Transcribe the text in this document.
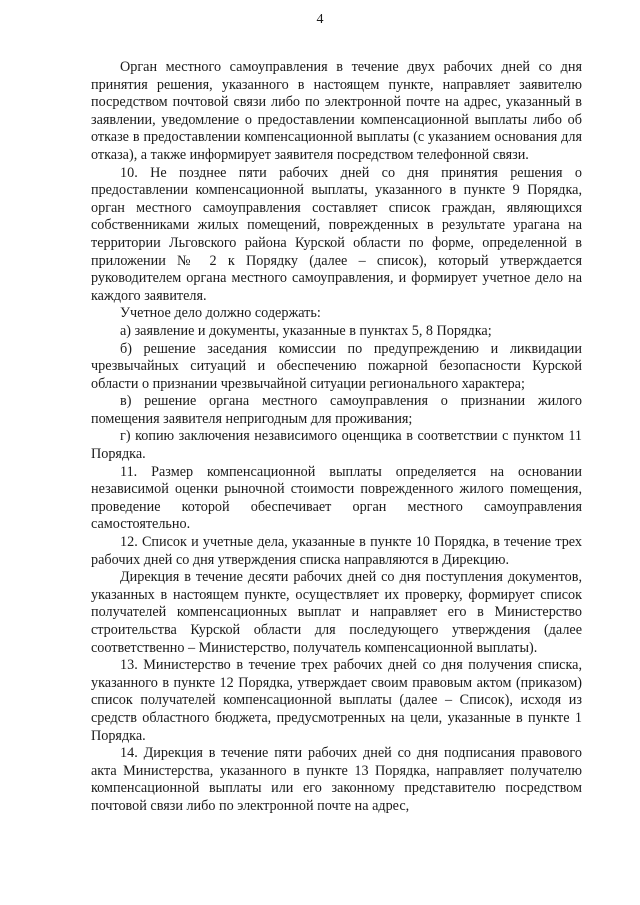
4

Орган местного самоуправления в течение двух рабочих дней со дня принятия решения, указанного в настоящем пункте, направляет заявителю посредством почтовой связи либо по электронной почте на адрес, указанный в заявлении, уведомление о предоставлении компенсационной выплаты либо об отказе в предоставлении компенсационной выплаты (с указанием основания для отказа), а также информирует заявителя посредством телефонной связи.

10. Не позднее пяти рабочих дней со дня принятия решения о предоставлении компенсационной выплаты, указанного в пункте 9 Порядка, орган местного самоуправления составляет список граждан, являющихся собственниками жилых помещений, поврежденных в результате урагана на территории Льговского района Курской области по форме, определенной в приложении № 2 к Порядку (далее – список), который утверждается руководителем органа местного самоуправления, и формирует учетное дело на каждого заявителя.

Учетное дело должно содержать:

а) заявление и документы, указанные в пунктах 5, 8 Порядка;

б) решение заседания комиссии по предупреждению и ликвидации чрезвычайных ситуаций и обеспечению пожарной безопасности Курской области о признании чрезвычайной ситуации регионального характера;

в) решение органа местного самоуправления о признании жилого помещения заявителя непригодным для проживания;

г) копию заключения независимого оценщика в соответствии с пунктом 11 Порядка.

11. Размер компенсационной выплаты определяется на основании независимой оценки рыночной стоимости поврежденного жилого помещения, проведение которой обеспечивает орган местного самоуправления самостоятельно.

12. Список и учетные дела, указанные в пункте 10 Порядка, в течение трех рабочих дней со дня утверждения списка направляются в Дирекцию.

Дирекция в течение десяти рабочих дней со дня поступления документов, указанных в настоящем пункте, осуществляет их проверку, формирует список получателей компенсационных выплат и направляет его в Министерство строительства Курской области для последующего утверждения (далее соответственно – Министерство, получатель компенсационной выплаты).

13. Министерство в течение трех рабочих дней со дня получения списка, указанного в пункте 12 Порядка, утверждает своим правовым актом (приказом) список получателей компенсационной выплаты (далее – Список), исходя из средств областного бюджета, предусмотренных на цели, указанные в пункте 1 Порядка.

14. Дирекция в течение пяти рабочих дней со дня подписания правового акта Министерства, указанного в пункте 13 Порядка, направляет получателю компенсационной выплаты или его законному представителю посредством почтовой связи либо по электронной почте на адрес,
